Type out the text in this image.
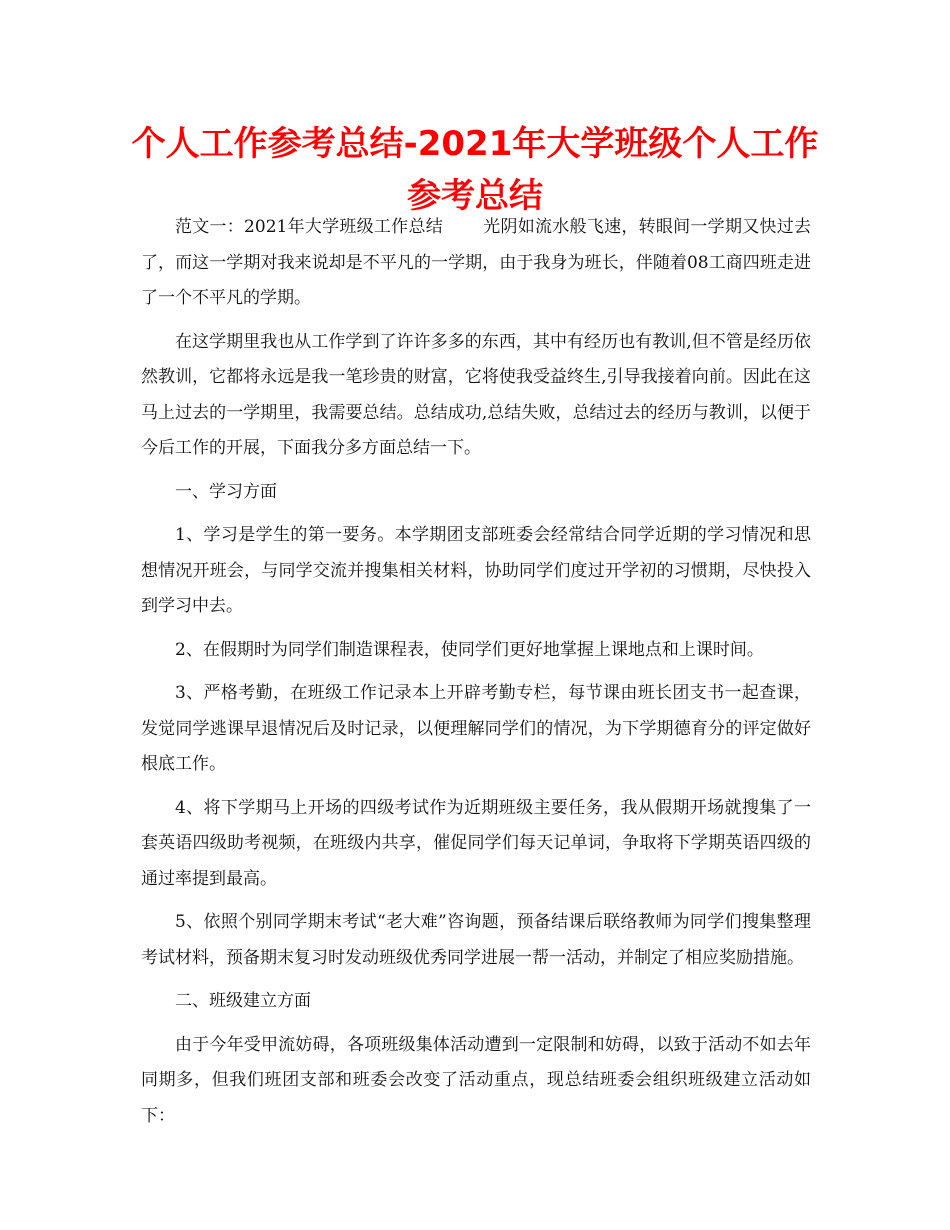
个人工作参考总结-2021年大学班级个人工作参考总结

范文一：2021年大学班级工作总结 光阴如流水般飞速，转眼间一学期又快过去了，而这一学期对我来说却是不平凡的一学期，由于我身为班长，伴随着08工商四班走进了一个不平凡的学期。

在这学期里我也从工作学到了许许多多的东西，其中有经历也有教训,但不管是经历依然教训，它都将永远是我一笔珍贵的财富，它将使我受益终生,引导我接着向前。因此在这马上过去的一学期里，我需要总结。总结成功,总结失败，总结过去的经历与教训，以便于今后工作的开展，下面我分多方面总结一下。

一、学习方面

1、学习是学生的第一要务。本学期团支部班委会经常结合同学近期的学习情况和思想情况开班会，与同学交流并搜集相关材料，协助同学们度过开学初的习惯期，尽快投入到学习中去。

2、在假期时为同学们制造课程表，使同学们更好地掌握上课地点和上课时间。

3、严格考勤，在班级工作记录本上开辟考勤专栏，每节课由班长团支书一起查课，发觉同学逃课早退情况后及时记录，以便理解同学们的情况，为下学期德育分的评定做好根底工作。

4、将下学期马上开场的四级考试作为近期班级主要任务，我从假期开场就搜集了一套英语四级助考视频，在班级内共享，催促同学们每天记单词，争取将下学期英语四级的通过率提到最高。

5、依照个别同学期末考试“老大难”咨询题，预备结课后联络教师为同学们搜集整理考试材料，预备期末复习时发动班级优秀同学进展一帮一活动，并制定了相应奖励措施。

二、班级建立方面

由于今年受甲流妨碍，各项班级集体活动遭到一定限制和妨碍，以致于活动不如去年同期多，但我们班团支部和班委会改变了活动重点，现总结班委会组织班级建立活动如下：
